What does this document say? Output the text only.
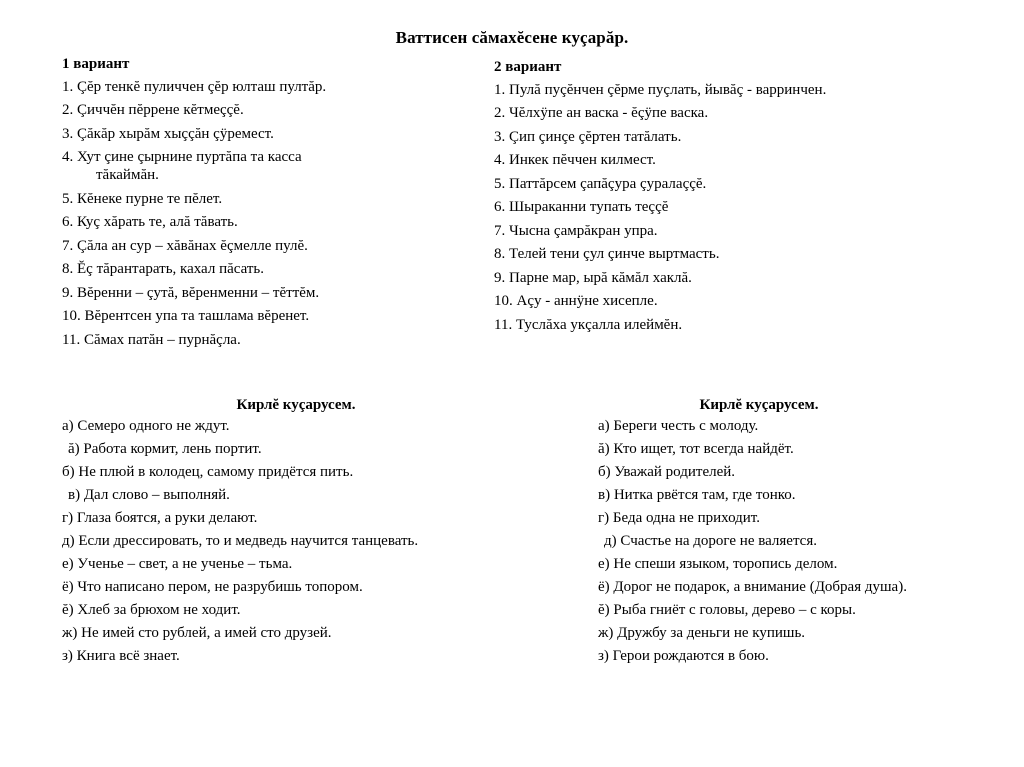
Ваттисен сăмахĕсене куçарăр.
1 вариант
1. Çĕр тенкĕ пуличчен çĕр юлташ пултăр.
2. Çиччĕн пĕррене кĕтмеççĕ.
3. Çăкăр хырăм хыççăн çÿремест.
4. Хут çине çырнине пуртăпа та касса
тăкаймăн.
5. Кĕнеке пурне те пĕлет.
6. Куç хăрать те, алă тăвать.
7. Çăла ан сур – хăвăнах ĕçмелле пулĕ.
8. Ĕç тăрантарать, кахал пăсать.
9. Вĕренни – çутă, вĕренменни – тĕттĕм.
10. Вĕрентсен упа та ташлама вĕренет.
11. Сăмах патăн – пурнăçла.
2 вариант
1. Пулă пуçĕнчен çĕрме пуçлать, йывăç - варринчен.
2. Чĕлхÿпе ан васка - ĕçÿпе васка.
3. Çип çинçе çĕртен татăлать.
4. Инкек пĕччен килмест.
5. Паттăрсем çапăçура çуралаççĕ.
6. Шыраканни тупать теççĕ
7. Чысна çамрăкран упра.
8. Телей тени çул çинче выртмасть.
9. Парне мар, ырă кăмăл хаклă.
10. Аçу - аннÿне хисепле.
11. Туслăха укçалла илеймĕн.
Кирлĕ куçарусем.
а) Семеро одного не ждут.
ă) Работа кормит, лень портит.
б) Не плюй в колодец, самому придётся пить.
в) Дал слово – выполняй.
г) Глаза боятся, а руки делают.
д) Если дрессировать, то и медведь научится танцевать.
е) Ученье – свет, а не ученье – тьма.
ё) Что написано пером, не разрубишь топором.
ĕ) Хлеб за брюхом не ходит.
ж) Не имей сто рублей, а имей сто друзей.
з) Книга всё знает.
Кирлĕ куçарусем.
а) Береги честь с молоду.
ă) Кто ищет, тот всегда найдёт.
б) Уважай родителей.
в) Нитка рвётся там, где тонко.
г) Беда одна не приходит.
д) Счастье на дороге не валяется.
е) Не спеши языком, торопись делом.
ё) Дорог не подарок, а внимание (Добрая душа).
ĕ) Рыба гниёт с головы, дерево – с коры.
ж) Дружбу за деньги не купишь.
з) Герои рождаются в бою.
